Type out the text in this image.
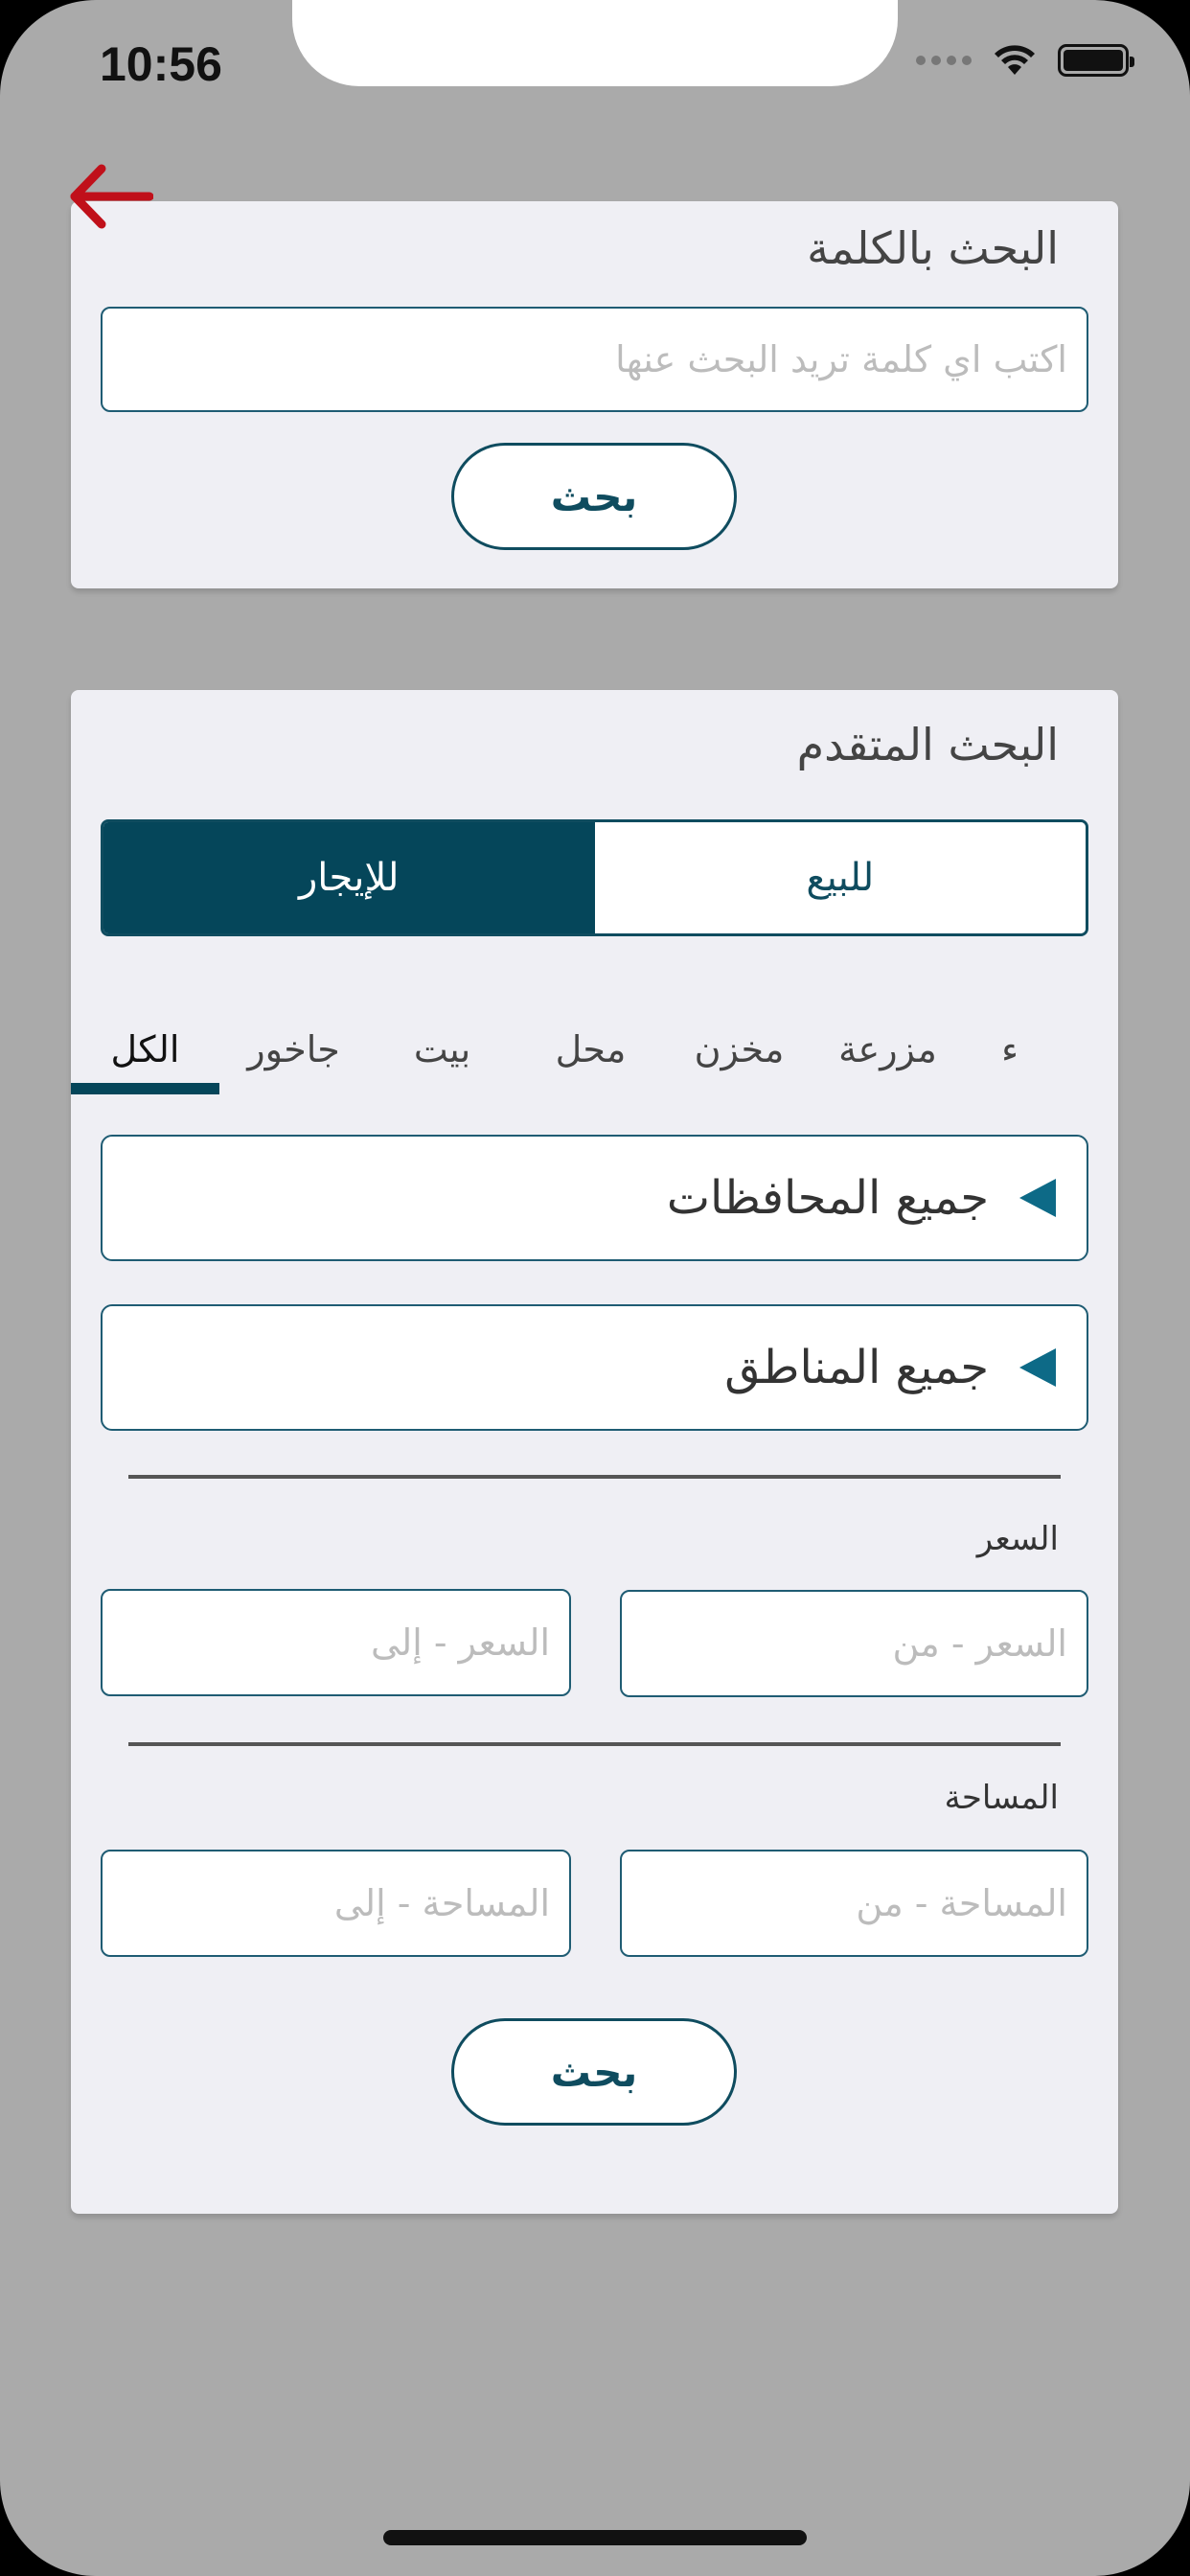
10:56
البحث بالكلمة
اكتب اي كلمة تريد البحث عنها
بحث
البحث المتقدم
للإيجار	للبيع
الكل	جاخور	بيت	محل	مخزن	مزرعة	ء
جميع المحافظات
جميع المناطق
السعر
السعر - إلى	السعر - من
المساحة
المساحة - إلى	المساحة - من
بحث
